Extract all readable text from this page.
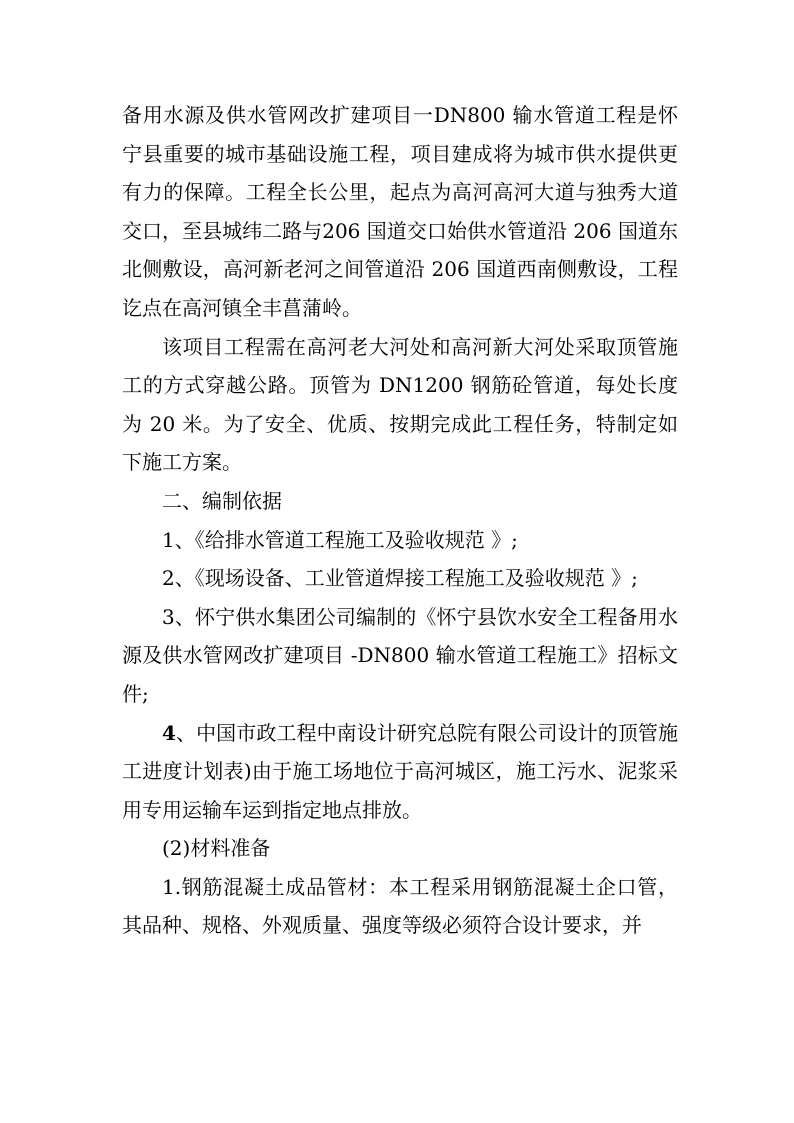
备用水源及供水管网改扩建项目一DN800 输水管道工程是怀宁县重要的城市基础设施工程，项目建成将为城市供水提供更有力的保障。工程全长公里，起点为高河高河大道与独秀大道交口，至县城纬二路与206 国道交口始供水管道沿 206 国道东北侧敷设，高河新老河之间管道沿 206 国道西南侧敷设，工程讫点在高河镇全丰菖蒲岭。

该项目工程需在高河老大河处和高河新大河处采取顶管施工的方式穿越公路。顶管为 DN1200 钢筋砼管道，每处长度为 20 米。为了安全、优质、按期完成此工程任务，特制定如下施工方案。

二、编制依据

1、《给排水管道工程施工及验收规范 》;

2、《现场设备、工业管道焊接工程施工及验收规范 》;

3、怀宁供水集团公司编制的《怀宁县饮水安全工程备用水源及供水管网改扩建项目 -DN800 输水管道工程施工》招标文件;

4、中国市政工程中南设计研究总院有限公司设计的顶管施工进度计划表)由于施工场地位于高河城区，施工污水、泥浆采用专用运输车运到指定地点排放。

(2)材料准备

1.钢筋混凝土成品管材：本工程采用钢筋混凝土企口管，其品种、规格、外观质量、强度等级必须符合设计要求，并
